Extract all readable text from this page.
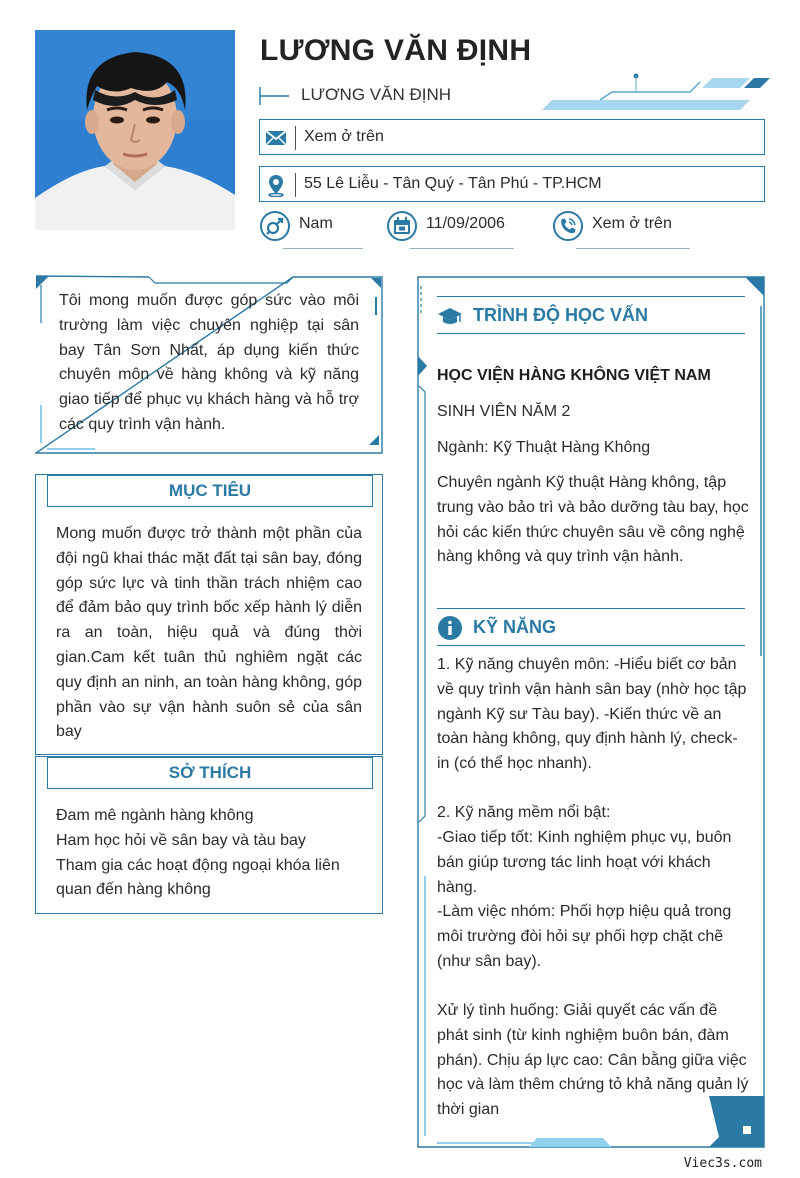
LƯƠNG VĂN ĐỊNH
LƯƠNG VĂN ĐỊNH
Xem ở trên
55 Lê Liễu - Tân Quý - Tân Phú - TP.HCM
Nam	11/09/2006	Xem ở trên
Tôi mong muốn được góp sức vào môi trường làm việc chuyên nghiệp tại sân bay Tân Sơn Nhất, áp dụng kiến thức chuyên môn về hàng không và kỹ năng giao tiếp để phục vụ khách hàng và hỗ trợ các quy trình vận hành.
MỤC TIÊU
Mong muốn được trở thành một phần của đội ngũ khai thác mặt đất tại sân bay, đóng góp sức lực và tinh thần trách nhiệm cao để đảm bảo quy trình bốc xếp hành lý diễn ra an toàn, hiệu quả và đúng thời gian.Cam kết tuân thủ nghiêm ngặt các quy định an ninh, an toàn hàng không, góp phần vào sự vận hành suôn sẻ của sân bay
SỞ THÍCH
Đam mê ngành hàng không
Ham học hỏi về sân bay và tàu bay
Tham gia các hoạt động ngoại khóa liên quan đến hàng không
TRÌNH ĐỘ HỌC VẤN
HỌC VIỆN HÀNG KHÔNG VIỆT NAM
SINH VIÊN NĂM 2
Ngành: Kỹ Thuật Hàng Không
Chuyên ngành Kỹ thuật Hàng không, tập trung vào bảo trì và bảo dưỡng tàu bay, học hỏi các kiến thức chuyên sâu về công nghệ hàng không và quy trình vận hành.
KỸ NĂNG
1. Kỹ năng chuyên môn: -Hiểu biết cơ bản về quy trình vận hành sân bay (nhờ học tập ngành Kỹ sư Tàu bay). -Kiến thức về an toàn hàng không, quy định hành lý, check-in (có thể học nhanh).
2. Kỹ năng mềm nổi bật:
-Giao tiếp tốt: Kinh nghiệm phục vụ, buôn bán giúp tương tác linh hoạt với khách hàng.
-Làm việc nhóm: Phối hợp hiệu quả trong môi trường đòi hỏi sự phối hợp chặt chẽ (như sân bay).
Xử lý tình huống: Giải quyết các vấn đề phát sinh (từ kinh nghiệm buôn bán, đàm phán). Chịu áp lực cao: Cân bằng giữa việc học và làm thêm chứng tỏ khả năng quản lý thời gian
Viec3s.com
